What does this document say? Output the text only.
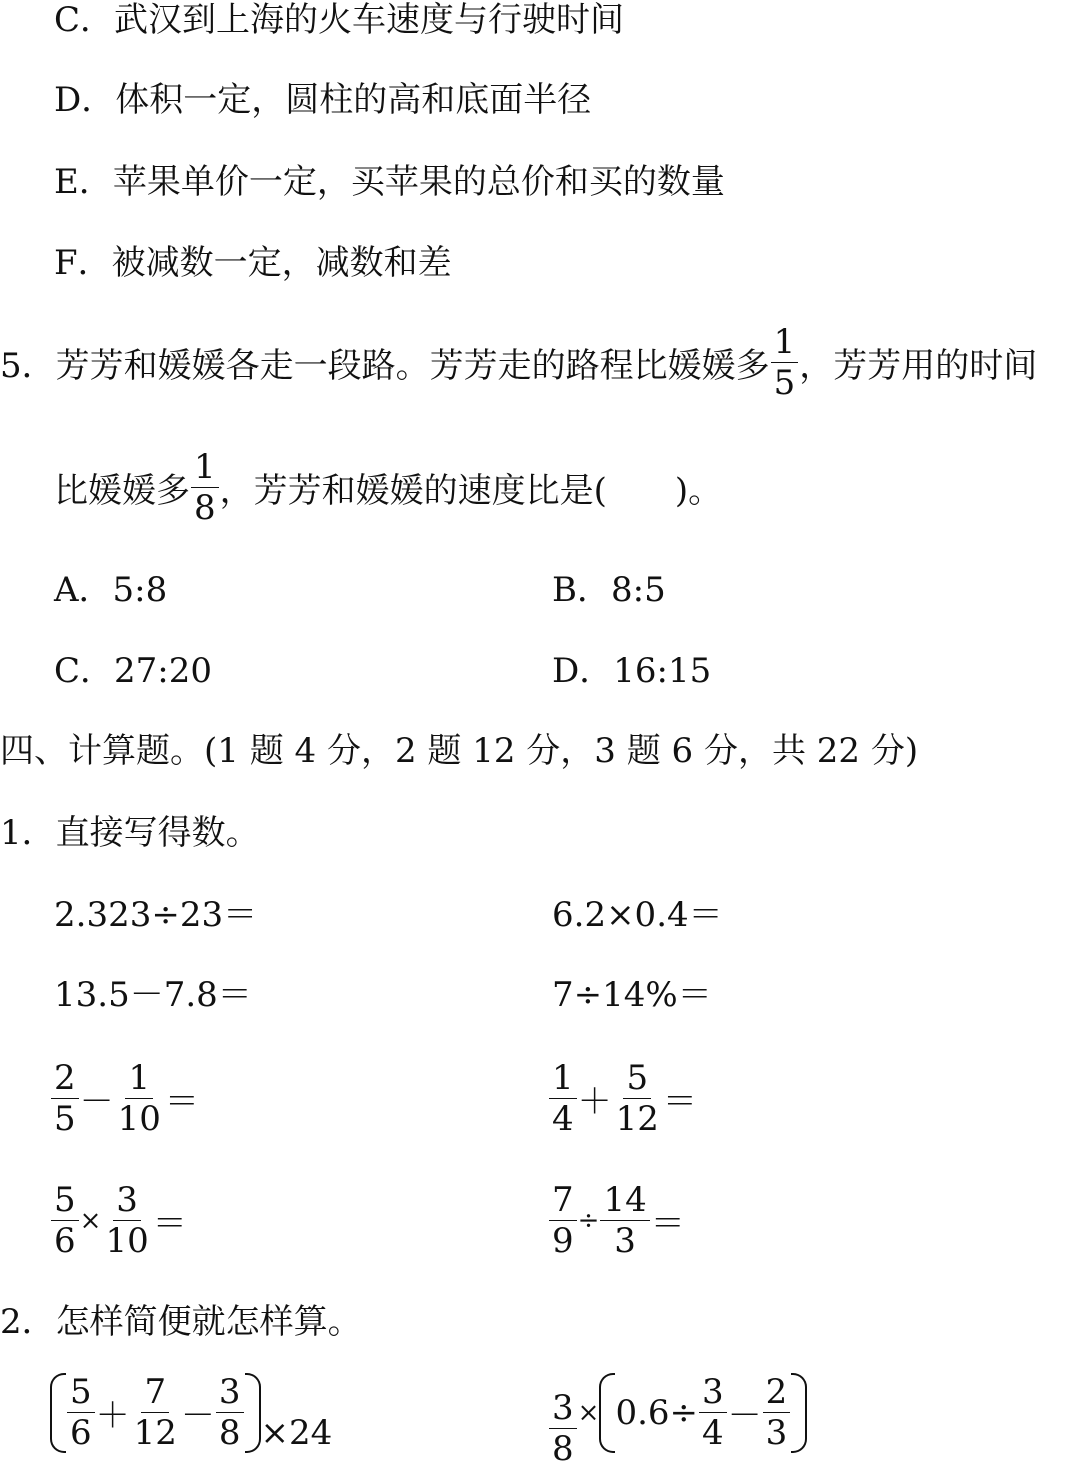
C．武汉到上海的火车速度与行驶时间
D．体积一定，圆柱的高和底面半径
E．苹果单价一定，买苹果的总价和买的数量
F．被减数一定，减数和差
5．芳芳和媛媛各走一段路。芳芳走的路程比媛媛多 $\frac{1}{5}$ ，芳芳用的时间
比媛媛多 $\frac{1}{8}$ ，芳芳和媛媛的速度比是( )。
A．5:8	B．8:5
C．27:20	D．16:15
四、计算题。(1 题 4 分，2 题 12 分，3 题 6 分，共 22 分)
1．直接写得数。
2.323÷23＝	6.2×0.4＝
13.5－7.8＝	7÷14%＝
$\frac{2}{5} - \frac{1}{10}$ ＝	$\frac{1}{4} + \frac{5}{12}$ ＝
$\frac{5}{6} \times \frac{3}{10}$ ＝	$\frac{7}{9} \div \frac{14}{3}$ ＝
2．怎样简便就怎样算。
$\frac{5}{6} + \frac{7}{12} - \frac{3}{8} \times 24$	$\frac{3}{8} \times 0.6\div \frac{3}{4} - \frac{2}{3}$
